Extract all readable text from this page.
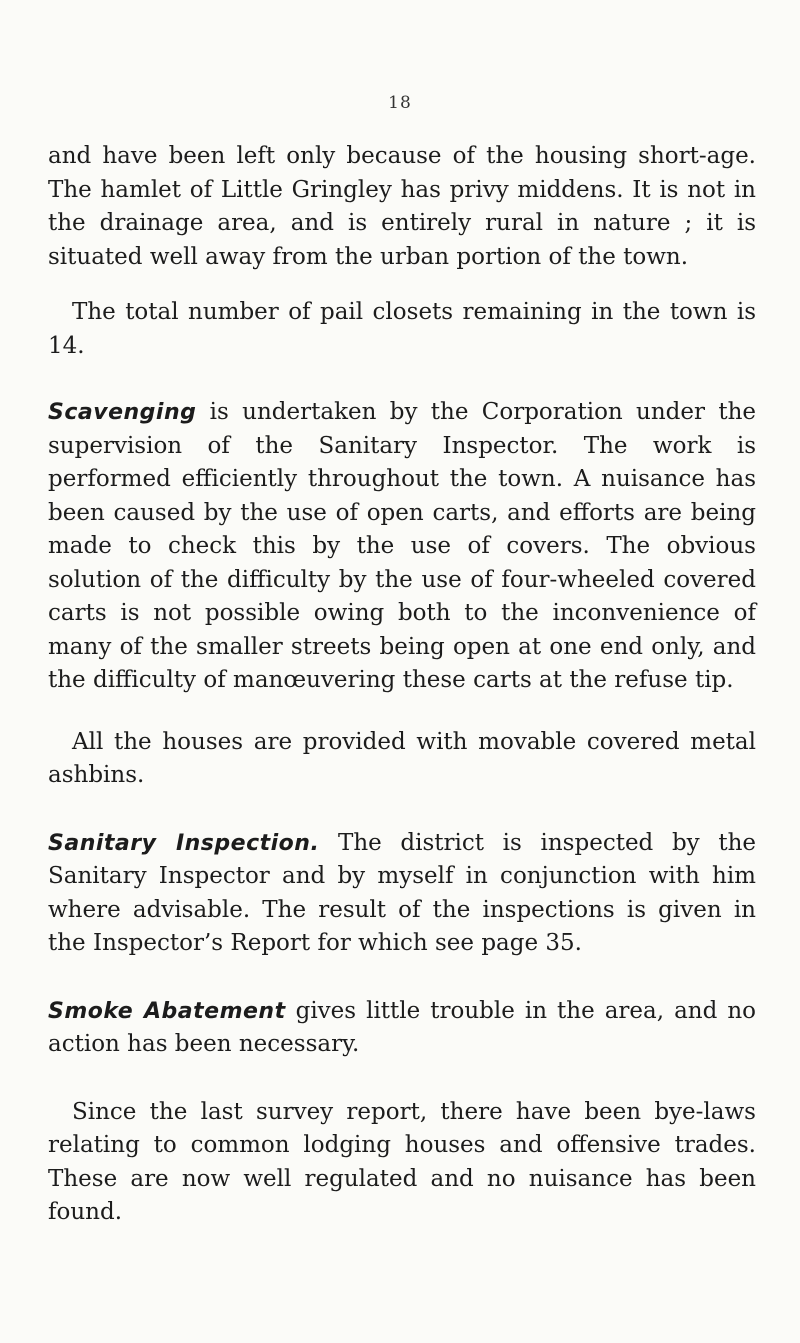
18

and have been left only because of the housing short-age. The hamlet of Little Gringley has privy middens. It is not in the drainage area, and is entirely rural in nature ; it is situated well away from the urban portion of the town.

The total number of pail closets remaining in the town is 14.

Scavenging is undertaken by the Corporation under the supervision of the Sanitary Inspector. The work is performed efficiently throughout the town. A nuisance has been caused by the use of open carts, and efforts are being made to check this by the use of covers. The obvious solution of the difficulty by the use of four-wheeled covered carts is not possible owing both to the inconvenience of many of the smaller streets being open at one end only, and the difficulty of manœuvering these carts at the refuse tip.

All the houses are provided with movable covered metal ashbins.

Sanitary Inspection. The district is inspected by the Sanitary Inspector and by myself in conjunction with him where advisable. The result of the inspections is given in the Inspector’s Report for which see page 35.

Smoke Abatement gives little trouble in the area, and no action has been necessary.

Since the last survey report, there have been bye-laws relating to common lodging houses and offensive trades. These are now well regulated and no nuisance has been found.
